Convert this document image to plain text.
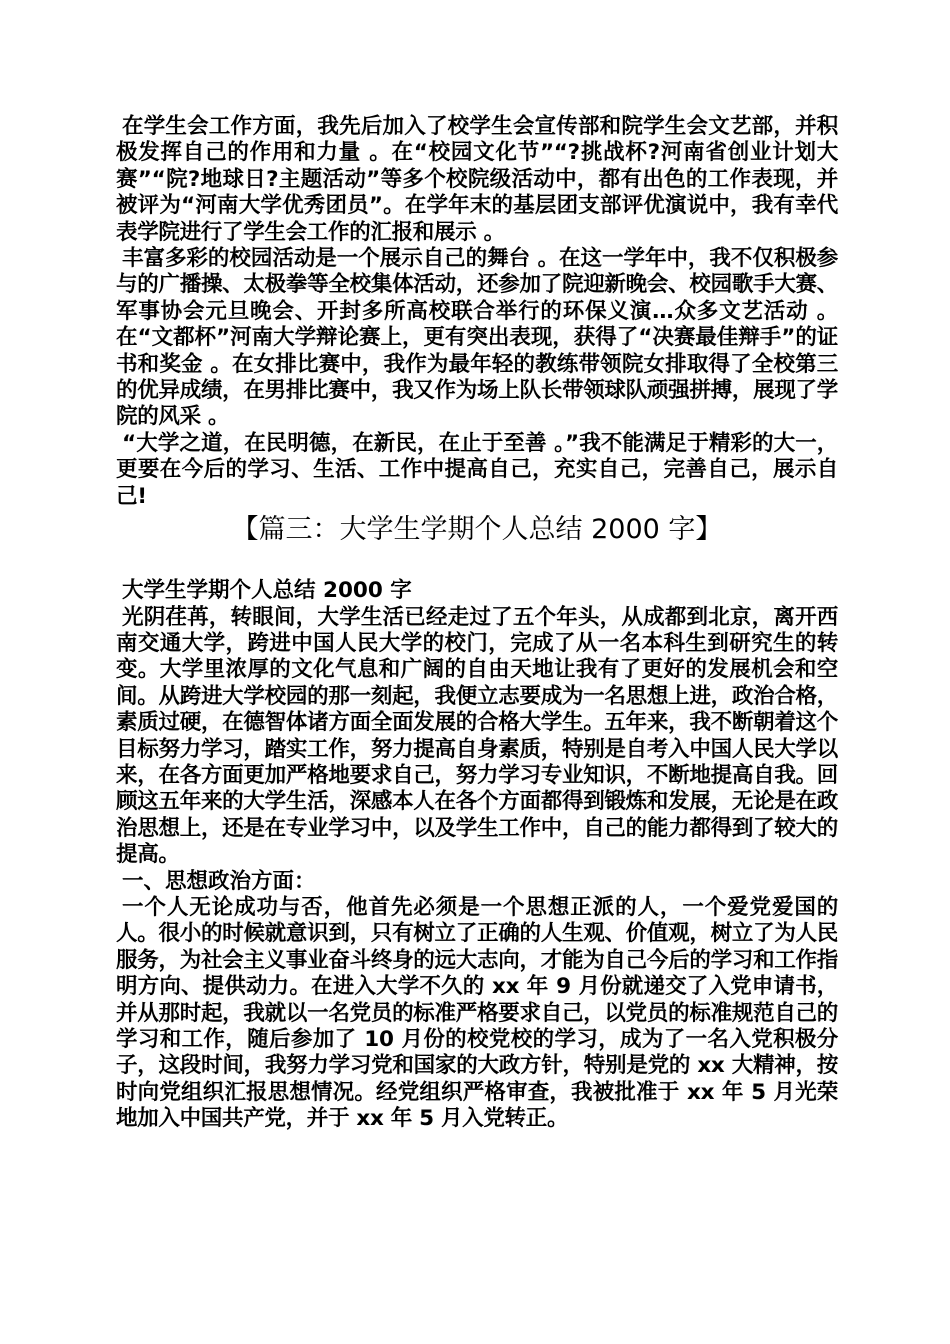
在学生会工作方面，我先后加入了校学生会宣传部和院学生会文艺部，并积极发挥自己的作用和力量 。在“校园文化节”“?挑战杯?河南省创业计划大赛”“院?地球日?主题活动”等多个校院级活动中，都有出色的工作表现，并被评为“河南大学优秀团员”。在学年末的基层团支部评优演说中，我有幸代表学院进行了学生会工作的汇报和展示 。

丰富多彩的校园活动是一个展示自己的舞台 。在这一学年中，我不仅积极参与的广播操、太极拳等全校集体活动，还参加了院迎新晚会、校园歌手大赛、军事协会元旦晚会、开封多所高校联合举行的环保义演…众多文艺活动 。在“文都杯”河南大学辩论赛上，更有突出表现，获得了“决赛最佳辩手”的证书和奖金 。在女排比赛中，我作为最年轻的教练带领院女排取得了全校第三的优异成绩，在男排比赛中，我又作为场上队长带领球队顽强拼搏，展现了学院的风采 。

“大学之道，在民明德，在新民，在止于至善 。”我不能满足于精彩的大一，更要在今后的学习、生活、工作中提高自己，充实自己，完善自己，展示自己!

【篇三：大学生学期个人总结 2000 字】
大学生学期个人总结 2000 字

光阴荏苒，转眼间，大学生活已经走过了五个年头，从成都到北京，离开西南交通大学，跨进中国人民大学的校门，完成了从一名本科生到研究生的转变。大学里浓厚的文化气息和广阔的自由天地让我有了更好的发展机会和空间。从跨进大学校园的那一刻起，我便立志要成为一名思想上进，政治合格，素质过硬，在德智体诸方面全面发展的合格大学生。五年来，我不断朝着这个目标努力学习，踏实工作，努力提高自身素质，特别是自考入中国人民大学以来，在各方面更加严格地要求自己，努力学习专业知识，不断地提高自我。回顾这五年来的大学生活，深感本人在各个方面都得到锻炼和发展，无论是在政治思想上，还是在专业学习中，以及学生工作中，自己的能力都得到了较大的提高。

一、思想政治方面：

一个人无论成功与否，他首先必须是一个思想正派的人，一个爱党爱国的人。很小的时候就意识到，只有树立了正确的人生观、价值观，树立了为人民服务，为社会主义事业奋斗终身的远大志向，才能为自己今后的学习和工作指明方向、提供动力。在进入大学不久的 xx 年 9 月份就递交了入党申请书，并从那时起，我就以一名党员的标准严格要求自己，以党员的标准规范自己的学习和工作，随后参加了 10 月份的校党校的学习，成为了一名入党积极分子，这段时间，我努力学习党和国家的大政方针，特别是党的 xx 大精神，按时向党组织汇报思想情况。经党组织严格审查，我被批准于 xx 年 5 月光荣地加入中国共产党，并于 xx 年 5 月入党转正。
